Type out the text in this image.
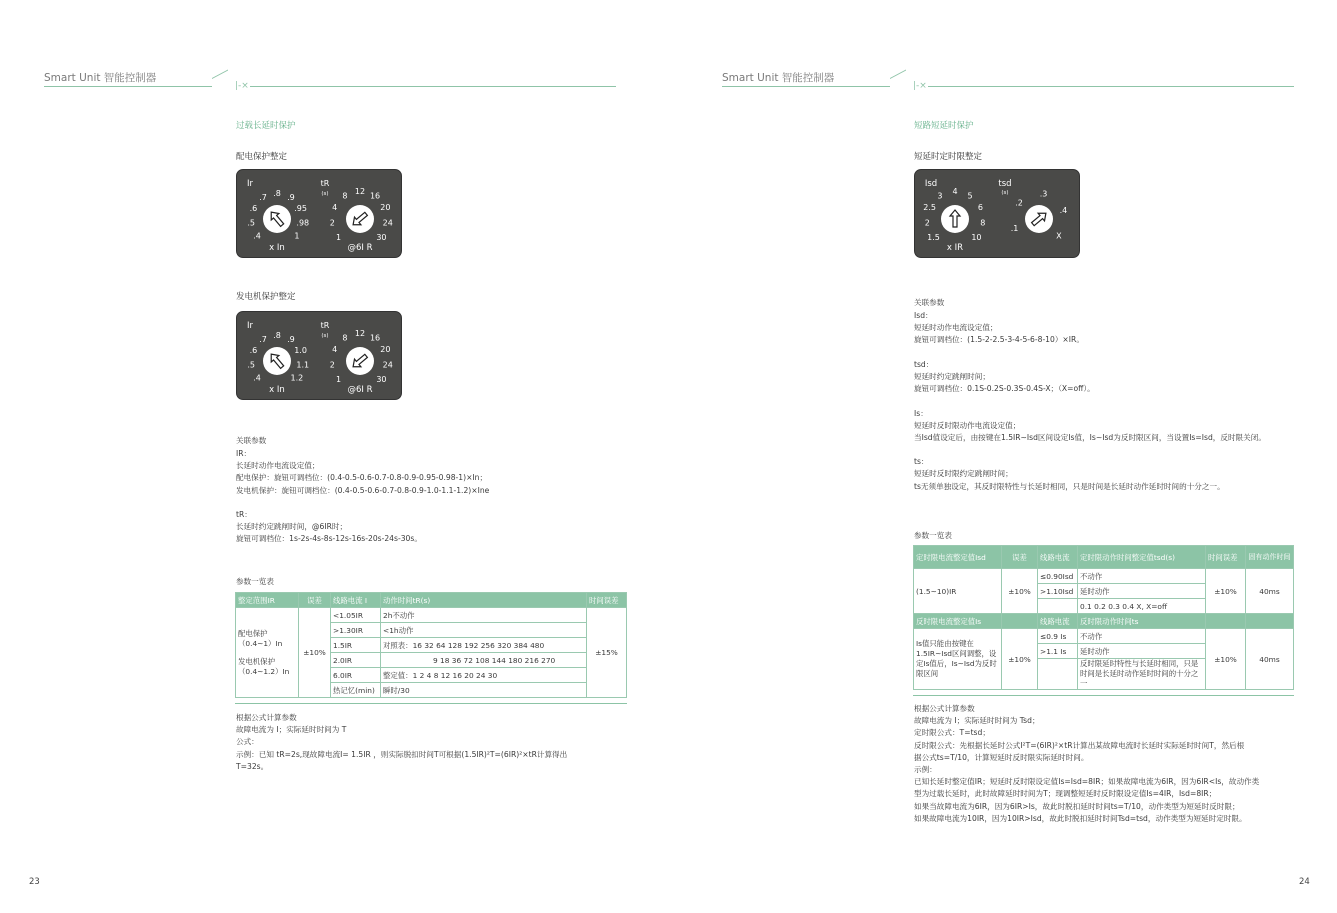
Smart Unit 智能控制器
|-×
过载长延时保护
配电保护整定
Ir
x In
.4
.5
.6
.7 .8 .9
.95
.98
1
tR
(s)
@6I R
1
2
4
8 12 16
20
24
30
发电机保护整定
Ir
x In
.4
.5
.6
.7 .8 .9
1.0
1.1
1.2
tR
(s)
@6I R
1
2
4
8 12 16
20
24
30
关联参数
IR：
长延时动作电流设定值；
配电保护：旋钮可调档位：(0.4-0.5-0.6-0.7-0.8-0.9-0.95-0.98-1)×In；
发电机保护：旋钮可调档位：(0.4-0.5-0.6-0.7-0.8-0.9-1.0-1.1-1.2)×Ine
tR：
长延时约定跳闸时间，@6IR时；
旋钮可调档位：1s-2s-4s-8s-12s-16s-20s-24s-30s。
参数一览表
整定范围IR	误差	线路电流 I	动作时间tR(s)	时间误差

配电保护（0.4~1）In
发电机保护（0.4~1.2）In	±10%	<1.05IR	2h不动作	±15%
		>1.30IR	<1h动作	
		1.5IR	对照表：16 32 64 128 192 256 320 384 480	
		2.0IR	9 18 36 72 108 144 180 216 270	
		6.0IR	整定值：1 2 4 8 12 16 20 24 30	
		热记忆(min)	瞬时/30	
根据公式计算参数
故障电流为 I；实际延时时间为 T
公式：
示例：已知 tR=2s,现故障电流I= 1.5IR ，则实际脱扣时间T可根据(1.5IR)²T=(6IR)²×tR计算得出
T=32s。
23
Smart Unit 智能控制器
|-×
短路短延时保护
短延时定时限整定
Isd
x IR
1.5
2
2.5
3 4 5
6
8
10
tsd
(s)
.1
.2
.3
.4
X
关联参数
Isd：
短延时动作电流设定值；
旋钮可调档位：(1.5-2-2.5-3-4-5-6-8-10）×IR。
tsd：
短延时约定跳闸时间；
旋钮可调档位：0.1S-0.2S-0.3S-0.4S-X；（X=off）。
Is：
短延时反时限动作电流设定值；
当Isd值设定后，由按键在1.5IR~Isd区间设定Is值，Is~Isd为反时限区间，当设置Is=Isd，反时限关闭。
ts：
短延时反时限约定跳闸时间；
ts无须单独设定，其反时限特性与长延时相同，只是时间是长延时动作延时时间的十分之一。
参数一览表
定时限电流整定值Isd	误差	线路电流	定时限动作时间整定值tsd(s)	时间误差	固有动作时间
(1.5~10)IR	±10%	≤0.90Isd	不动作	±10%	40ms
		>1.10Isd	延时动作		
			0.1 0.2 0.3 0.4 X, X=off		
反时限电流整定值Is		线路电流	反时限动作时间ts		
Is值只能由按键在1.5IR~Isd区间调整，设定Is值后，Is~Isd为反时限区间	±10%	≤0.9 Is	不动作	±10%	40ms
		>1.1 Is	延时动作		
			反时限延时特性与长延时相同，只是时间是长延时动作延时时间的十分之一		
根据公式计算参数
故障电流为 I；实际延时时间为 Tsd；
定时限公式：T=tsd；
反时限公式：先根据长延时公式I²T=(6IR)²×tR计算出某故障电流时长延时实际延时时间T，然后根
据公式ts=T/10，计算短延时反时限实际延时时间。
示例：
已知长延时整定值IR；短延时反时限设定值Is=Isd=8IR；如果故障电流为6IR，因为6IR<Is，故动作类
型为过载长延时，此时故障延时时间为T；现调整短延时反时限设定值Is=4IR，Isd=8IR；
如果当故障电流为6IR，因为6IR>Is，故此时脱扣延时时间ts=T/10，动作类型为短延时反时限；
如果故障电流为10IR，因为10IR>Isd，故此时脱扣延时时间Tsd=tsd，动作类型为短延时定时限。
24
